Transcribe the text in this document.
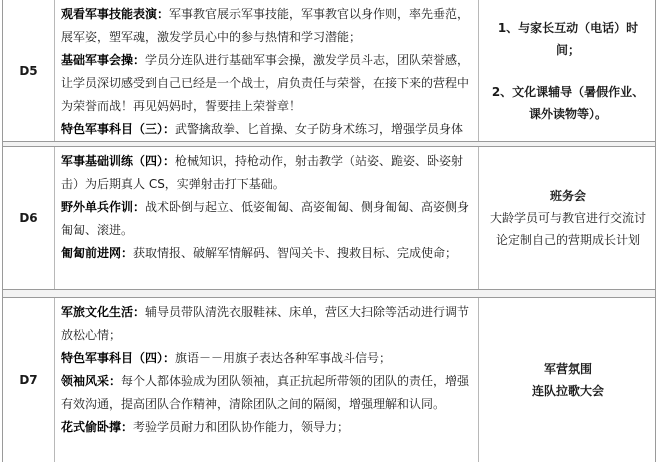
D5

观看军事技能表演：军事教官展示军事技能，军事教官以身作则，率先垂范，展军姿，塑军魂，激发学员心中的参与热情和学习潜能；

基础军事会操：学员分连队进行基础军事会操，激发学员斗志，团队荣誉感，让学员深切感受到自己已经是一个战士，肩负责任与荣誉，在接下来的营程中为荣誉而战！再见妈妈时，誓要挂上荣誉章！

特色军事科目（三）：武警擒敌拳、匕首操、女子防身术练习，增强学员身体

1、与家长互动（电话）时间；
2、文化课辅导（暑假作业、课外读物等）。
D6

军事基础训练（四）：枪械知识，持枪动作，射击教学（站姿、跪姿、卧姿射击）为后期真人 CS，实弹射击打下基础。

野外单兵作训：战术卧倒与起立、低姿匍匐、高姿匍匐、侧身匍匐、高姿侧身匍匐、滚进。

匍匐前进网：获取情报、破解军情解码、智闯关卡、搜救目标、完成使命；

班务会
大龄学员可与教官进行交流讨论定制自己的营期成长计划
D7

军旅文化生活：辅导员带队清洗衣服鞋袜、床单，营区大扫除等活动进行调节放松心情；

特色军事科目（四）：旗语－－用旗子表达各种军事战斗信号；

领袖风采：每个人都体验成为团队领袖，真正抗起所带领的团队的责任，增强有效沟通，提高团队合作精神，清除团队之间的隔阂，增强理解和认同。

花式偷卧撑：考验学员耐力和团队协作能力，领导力；

军营氛围
连队拉歌大会
